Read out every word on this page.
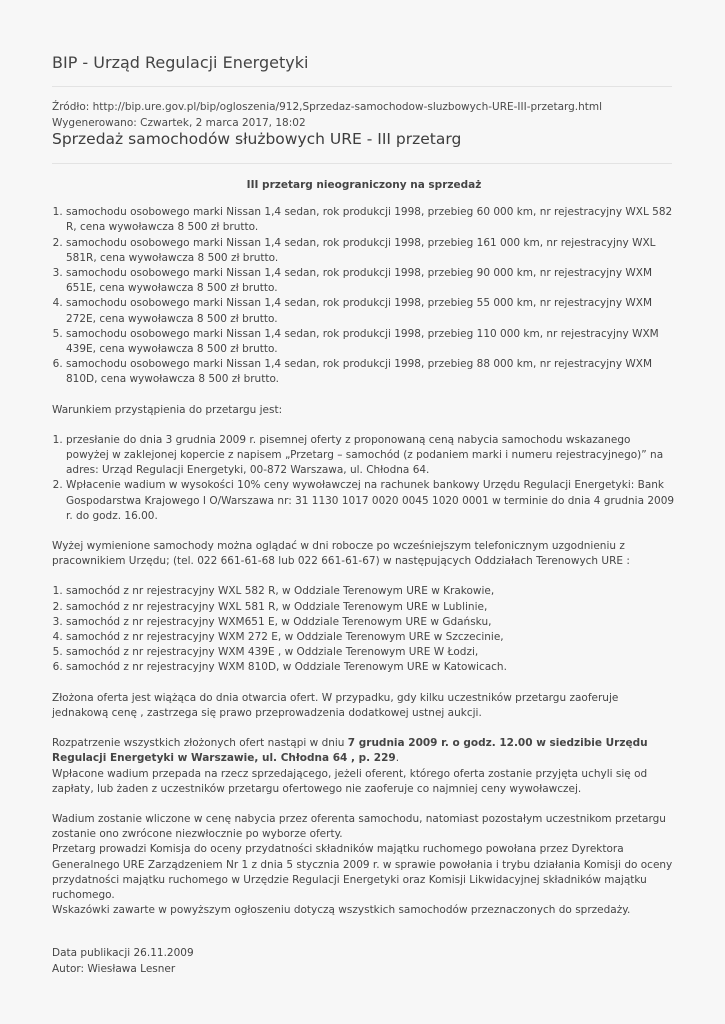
BIP - Urząd Regulacji Energetyki
Źródło: http://bip.ure.gov.pl/bip/ogloszenia/912,Sprzedaz-samochodow-sluzbowych-URE-III-przetarg.html
Wygenerowano: Czwartek, 2 marca 2017, 18:02
Sprzedaż samochodów służbowych URE - III przetarg

III przetarg nieograniczony na sprzedaż

1. samochodu osobowego marki Nissan 1,4 sedan, rok produkcji 1998, przebieg 60 000 km, nr rejestracyjny WXL 582 R, cena wywoławcza 8 500 zł brutto.
2. samochodu osobowego marki Nissan 1,4 sedan, rok produkcji 1998, przebieg 161 000 km, nr rejestracyjny WXL 581R, cena wywoławcza 8 500 zł brutto.
3. samochodu osobowego marki Nissan 1,4 sedan, rok produkcji 1998, przebieg 90 000 km, nr rejestracyjny WXM 651E, cena wywoławcza 8 500 zł brutto.
4. samochodu osobowego marki Nissan 1,4 sedan, rok produkcji 1998, przebieg 55 000 km, nr rejestracyjny WXM 272E, cena wywoławcza 8 500 zł brutto.
5. samochodu osobowego marki Nissan 1,4 sedan, rok produkcji 1998, przebieg 110 000 km, nr rejestracyjny WXM 439E, cena wywoławcza 8 500 zł brutto.
6. samochodu osobowego marki Nissan 1,4 sedan, rok produkcji 1998, przebieg 88 000 km, nr rejestracyjny WXM 810D, cena wywoławcza 8 500 zł brutto.

Warunkiem przystąpienia do przetargu jest:

1. przesłanie do dnia 3 grudnia 2009 r. pisemnej oferty z proponowaną ceną nabycia samochodu wskazanego powyżej w zaklejonej kopercie z napisem „Przetarg – samochód (z podaniem marki i numeru rejestracyjnego)” na adres: Urząd Regulacji Energetyki, 00-872 Warszawa, ul. Chłodna 64.
2. Wpłacenie wadium w wysokości 10% ceny wywoławczej na rachunek bankowy Urzędu Regulacji Energetyki: Bank Gospodarstwa Krajowego I O/Warszawa nr: 31 1130 1017 0020 0045 1020 0001 w terminie do dnia 4 grudnia 2009 r. do godz. 16.00.

Wyżej wymienione samochody można oglądać w dni robocze po wcześniejszym telefonicznym uzgodnieniu z pracownikiem Urzędu; (tel. 022 661-61-68 lub 022 661-61-67) w następujących Oddziałach Terenowych URE :

1. samochód z nr rejestracyjny WXL 582 R, w Oddziale Terenowym URE w Krakowie,
2. samochód z nr rejestracyjny WXL 581 R, w Oddziale Terenowym URE w Lublinie,
3. samochód z nr rejestracyjny WXM651 E, w Oddziale Terenowym URE w Gdańsku,
4. samochód z nr rejestracyjny WXM 272 E, w Oddziale Terenowym URE w Szczecinie,
5. samochód z nr rejestracyjny WXM 439E , w Oddziale Terenowym URE W Łodzi,
6. samochód z nr rejestracyjny WXM 810D, w Oddziale Terenowym URE w Katowicach.

Złożona oferta jest wiążąca do dnia otwarcia ofert. W przypadku, gdy kilku uczestników przetargu zaoferuje jednakową cenę , zastrzega się prawo przeprowadzenia dodatkowej ustnej aukcji.

Rozpatrzenie wszystkich złożonych ofert nastąpi w dniu 7 grudnia 2009 r. o godz. 12.00 w siedzibie Urzędu Regulacji Energetyki w Warszawie, ul. Chłodna 64 , p. 229.

Wpłacone wadium przepada na rzecz sprzedającego, jeżeli oferent, którego oferta zostanie przyjęta uchyli się od zapłaty, lub żaden z uczestników przetargu ofertowego nie zaoferuje co najmniej ceny wywoławczej.

Wadium zostanie wliczone w cenę nabycia przez oferenta samochodu, natomiast pozostałym uczestnikom przetargu zostanie ono zwrócone niezwłocznie po wyborze oferty.

Przetarg prowadzi Komisja do oceny przydatności składników majątku ruchomego powołana przez Dyrektora Generalnego URE Zarządzeniem Nr 1 z dnia 5 stycznia 2009 r. w sprawie powołania i trybu działania Komisji do oceny przydatności majątku ruchomego w Urzędzie Regulacji Energetyki oraz Komisji Likwidacyjnej składników majątku ruchomego.

Wskazówki zawarte w powyższym ogłoszeniu dotyczą wszystkich samochodów przeznaczonych do sprzedaży.

Data publikacji 26.11.2009

Autor: Wiesława Lesner
